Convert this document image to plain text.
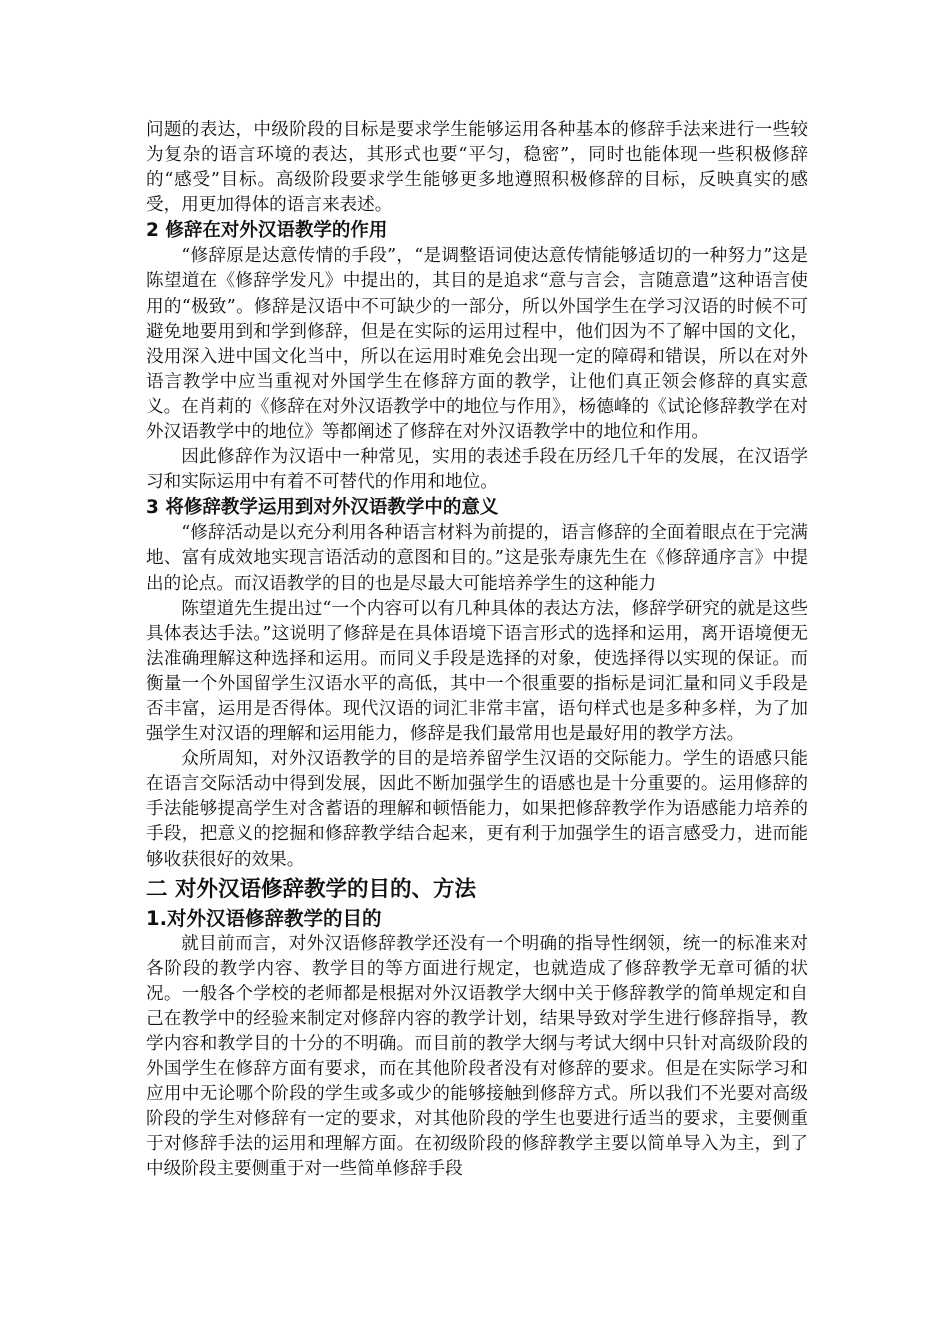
问题的表达，中级阶段的目标是要求学生能够运用各种基本的修辞手法来进行一些较为复杂的语言环境的表达，其形式也要“平匀，稳密”，同时也能体现一些积极修辞的“感受”目标。高级阶段要求学生能够更多地遵照积极修辞的目标，反映真实的感受，用更加得体的语言来表述。

2 修辞在对外汉语教学的作用

“修辞原是达意传情的手段”，“是调整语词使达意传情能够适切的一种努力”这是陈望道在《修辞学发凡》中提出的，其目的是追求“意与言会，言随意遣”这种语言使用的“极致”。修辞是汉语中不可缺少的一部分，所以外国学生在学习汉语的时候不可避免地要用到和学到修辞，但是在实际的运用过程中，他们因为不了解中国的文化，没用深入进中国文化当中，所以在运用时难免会出现一定的障碍和错误，所以在对外语言教学中应当重视对外国学生在修辞方面的教学，让他们真正领会修辞的真实意义。在肖莉的《修辞在对外汉语教学中的地位与作用》，杨德峰的《试论修辞教学在对外汉语教学中的地位》等都阐述了修辞在对外汉语教学中的地位和作用。

因此修辞作为汉语中一种常见，实用的表述手段在历经几千年的发展，在汉语学习和实际运用中有着不可替代的作用和地位。

3 将修辞教学运用到对外汉语教学中的意义

“修辞活动是以充分利用各种语言材料为前提的，语言修辞的全面着眼点在于完满地、富有成效地实现言语活动的意图和目的。”这是张寿康先生在《修辞通序言》中提出的论点。而汉语教学的目的也是尽最大可能培养学生的这种能力

陈望道先生提出过“一个内容可以有几种具体的表达方法，修辞学研究的就是这些具体表达手法。”这说明了修辞是在具体语境下语言形式的选择和运用，离开语境便无法准确理解这种选择和运用。而同义手段是选择的对象，使选择得以实现的保证。而衡量一个外国留学生汉语水平的高低，其中一个很重要的指标是词汇量和同义手段是否丰富，运用是否得体。现代汉语的词汇非常丰富，语句样式也是多种多样，为了加强学生对汉语的理解和运用能力，修辞是我们最常用也是最好用的教学方法。

众所周知，对外汉语教学的目的是培养留学生汉语的交际能力。学生的语感只能在语言交际活动中得到发展，因此不断加强学生的语感也是十分重要的。运用修辞的手法能够提高学生对含蓄语的理解和顿悟能力，如果把修辞教学作为语感能力培养的手段，把意义的挖掘和修辞教学结合起来，更有利于加强学生的语言感受力，进而能够收获很好的效果。

二 对外汉语修辞教学的目的、方法
1.对外汉语修辞教学的目的

就目前而言，对外汉语修辞教学还没有一个明确的指导性纲领，统一的标准来对各阶段的教学内容、教学目的等方面进行规定，也就造成了修辞教学无章可循的状况。一般各个学校的老师都是根据对外汉语教学大纲中关于修辞教学的简单规定和自己在教学中的经验来制定对修辞内容的教学计划，结果导致对学生进行修辞指导，教学内容和教学目的十分的不明确。而目前的教学大纲与考试大纲中只针对高级阶段的外国学生在修辞方面有要求，而在其他阶段者没有对修辞的要求。但是在实际学习和应用中无论哪个阶段的学生或多或少的能够接触到修辞方式。所以我们不光要对高级阶段的学生对修辞有一定的要求，对其他阶段的学生也要进行适当的要求，主要侧重于对修辞手法的运用和理解方面。在初级阶段的修辞教学主要以简单导入为主，到了中级阶段主要侧重于对一些简单修辞手段
